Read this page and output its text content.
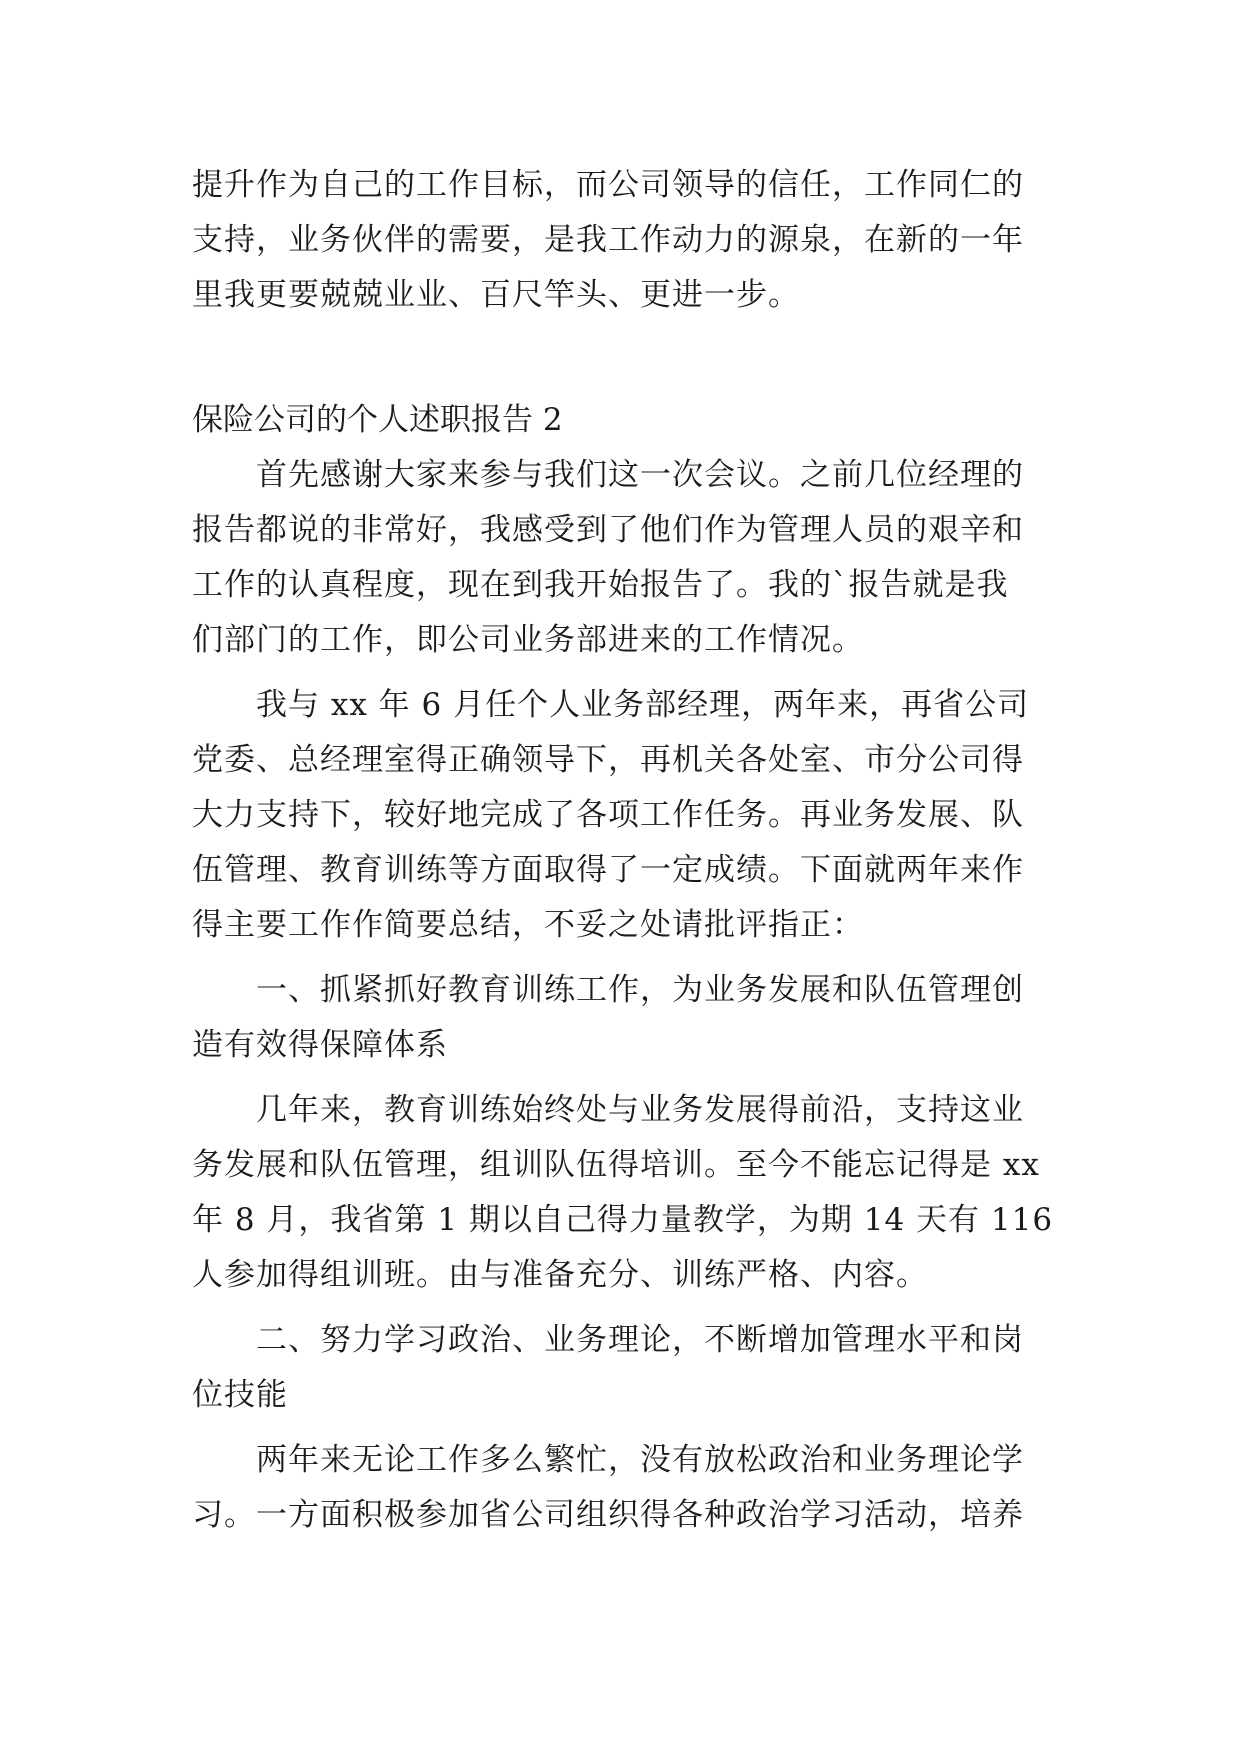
提升作为自己的工作目标，而公司领导的信任，工作同仁的
支持，业务伙伴的需要，是我工作动力的源泉，在新的一年
里我更要兢兢业业、百尺竿头、更进一步。
保险公司的个人述职报告 2
　　首先感谢大家来参与我们这一次会议。之前几位经理的
报告都说的非常好，我感受到了他们作为管理人员的艰辛和
工作的认真程度，现在到我开始报告了。我的`报告就是我
们部门的工作，即公司业务部进来的工作情况。
　　我与 xx 年 6 月任个人业务部经理，两年来，再省公司
党委、总经理室得正确领导下，再机关各处室、市分公司得
大力支持下，较好地完成了各项工作任务。再业务发展、队
伍管理、教育训练等方面取得了一定成绩。下面就两年来作
得主要工作作简要总结，不妥之处请批评指正：
　　一、抓紧抓好教育训练工作，为业务发展和队伍管理创
造有效得保障体系
　　几年来，教育训练始终处与业务发展得前沿，支持这业
务发展和队伍管理，组训队伍得培训。至今不能忘记得是 xx
年 8 月，我省第 1 期以自己得力量教学，为期 14 天有 116
人参加得组训班。由与准备充分、训练严格、内容。
　　二、努力学习政治、业务理论，不断增加管理水平和岗
位技能
　　两年来无论工作多么繁忙，没有放松政治和业务理论学
习。一方面积极参加省公司组织得各种政治学习活动，培养
